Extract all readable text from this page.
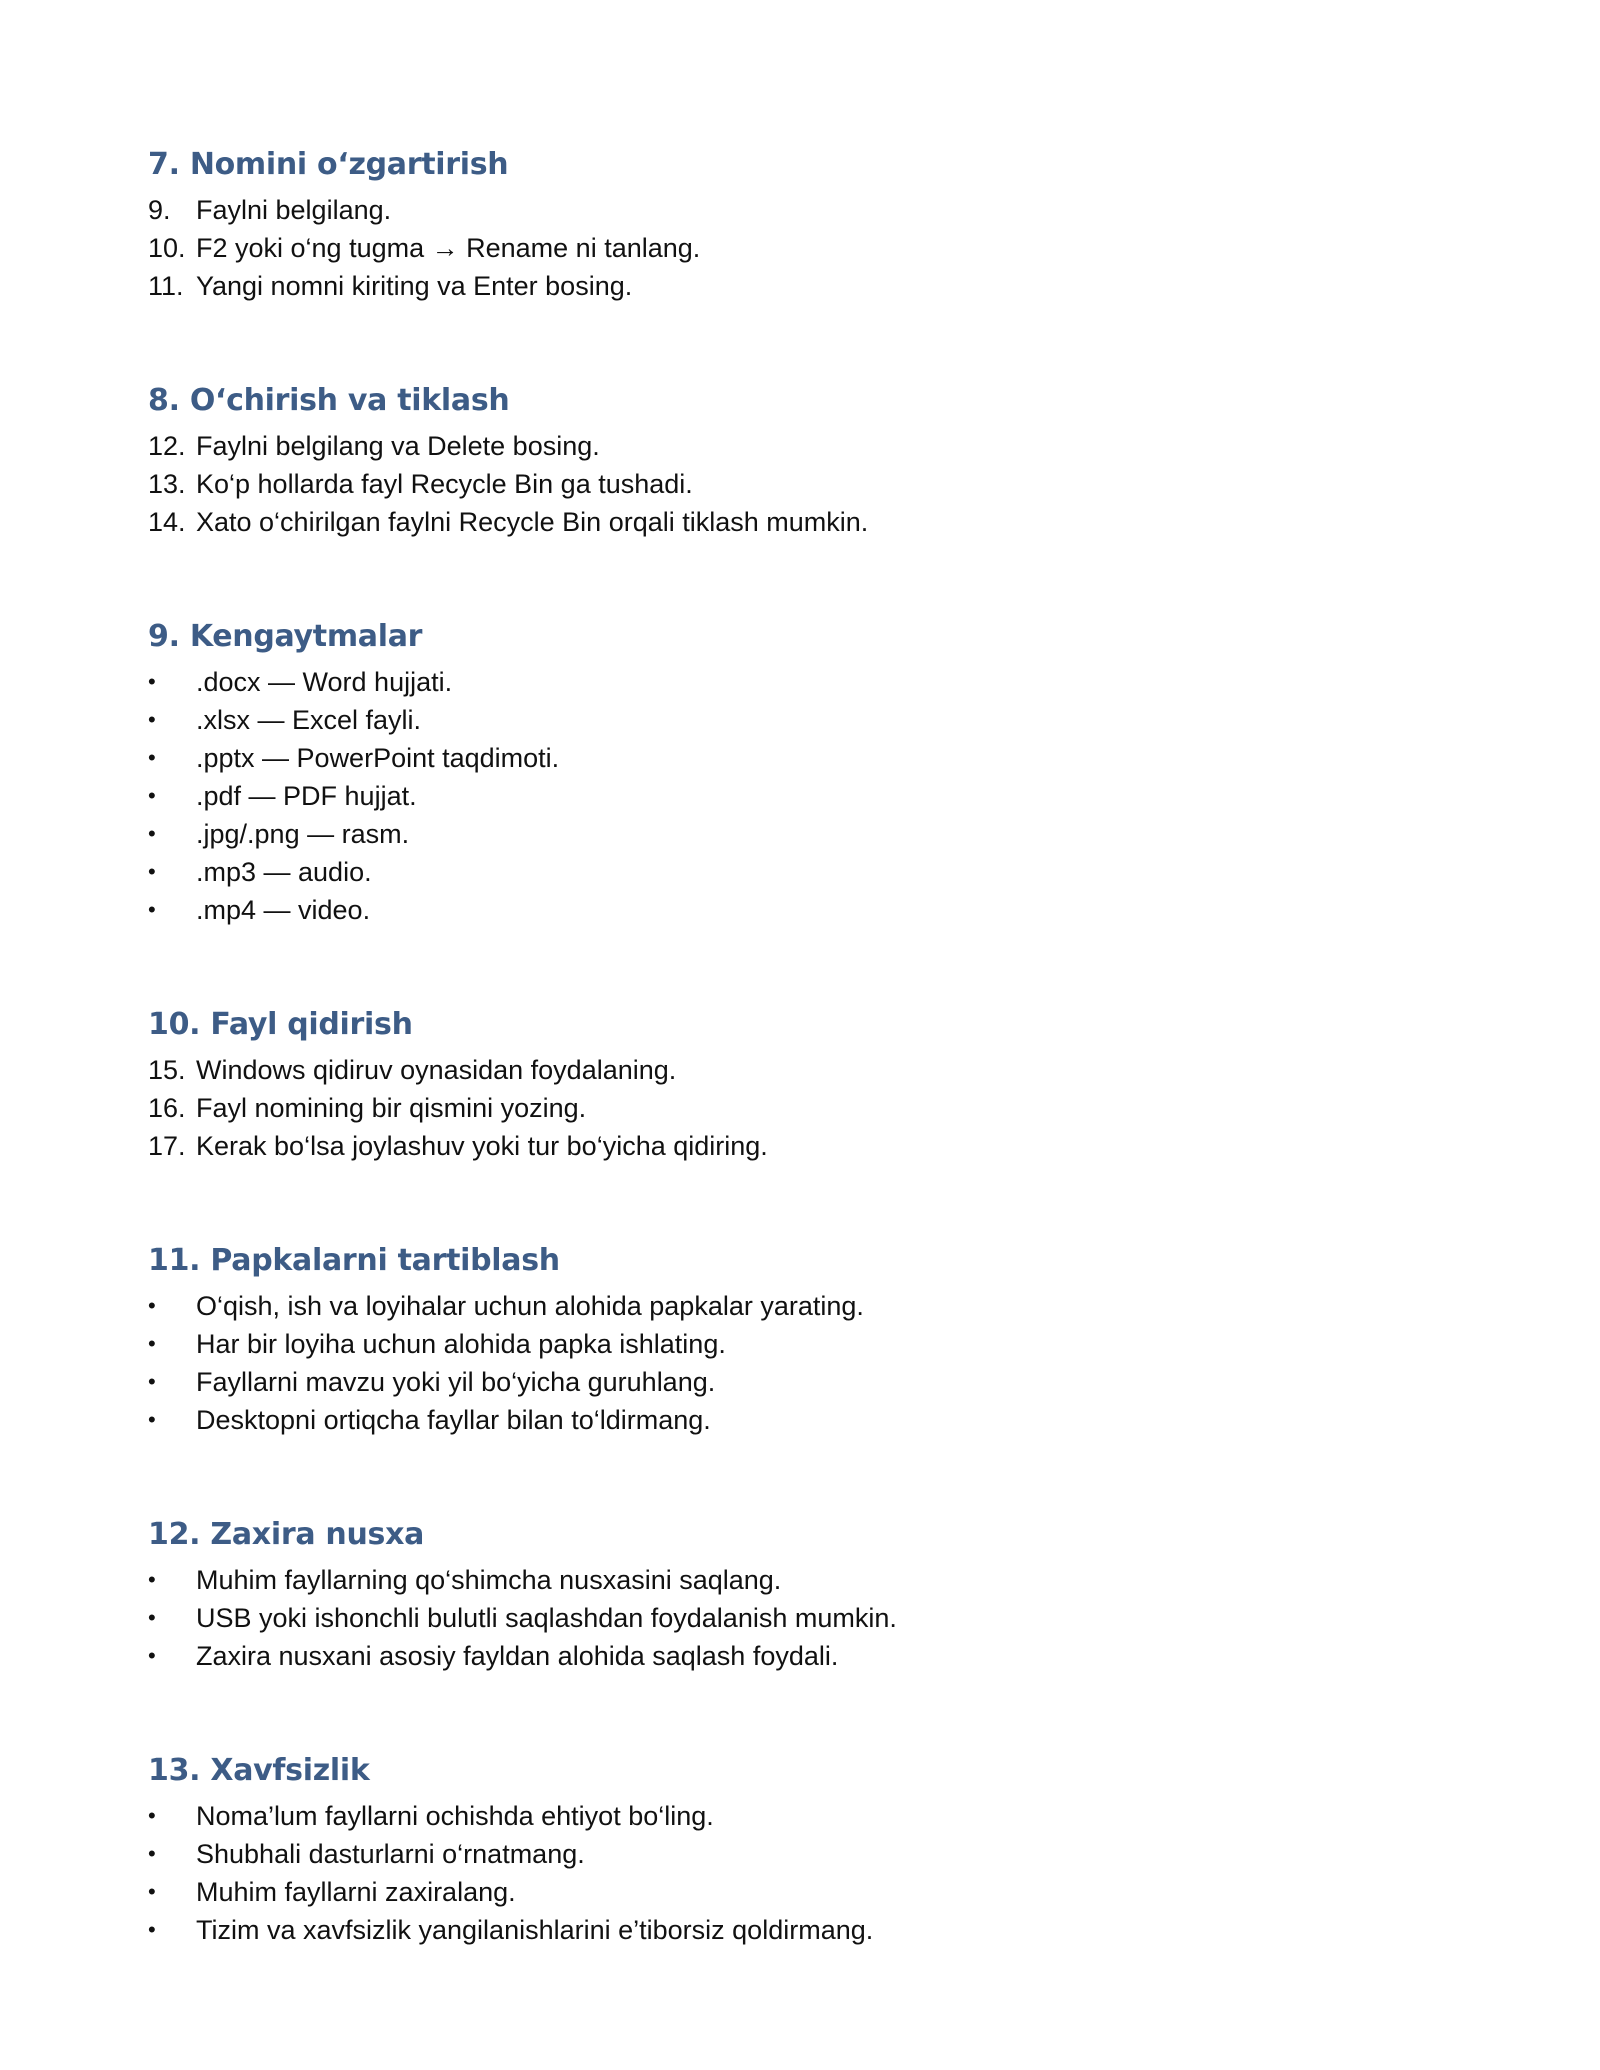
7. Nomini o‘zgartirish
9. Faylni belgilang.
10. F2 yoki o‘ng tugma → Rename ni tanlang.
11. Yangi nomni kiriting va Enter bosing.
8. O‘chirish va tiklash
12. Faylni belgilang va Delete bosing.
13. Ko‘p hollarda fayl Recycle Bin ga tushadi.
14. Xato o‘chirilgan faylni Recycle Bin orqali tiklash mumkin.
9. Kengaytmalar
• .docx — Word hujjati.
• .xlsx — Excel fayli.
• .pptx — PowerPoint taqdimoti.
• .pdf — PDF hujjat.
• .jpg/.png — rasm.
• .mp3 — audio.
• .mp4 — video.
10. Fayl qidirish
15. Windows qidiruv oynasidan foydalaning.
16. Fayl nomining bir qismini yozing.
17. Kerak bo‘lsa joylashuv yoki tur bo‘yicha qidiring.
11. Papkalarni tartiblash
• O‘qish, ish va loyihalar uchun alohida papkalar yarating.
• Har bir loyiha uchun alohida papka ishlating.
• Fayllarni mavzu yoki yil bo‘yicha guruhlang.
• Desktopni ortiqcha fayllar bilan to‘ldirmang.
12. Zaxira nusxa
• Muhim fayllarning qo‘shimcha nusxasini saqlang.
• USB yoki ishonchli bulutli saqlashdan foydalanish mumkin.
• Zaxira nusxani asosiy fayldan alohida saqlash foydali.
13. Xavfsizlik
• Noma’lum fayllarni ochishda ehtiyot bo‘ling.
• Shubhali dasturlarni o‘rnatmang.
• Muhim fayllarni zaxiralang.
• Tizim va xavfsizlik yangilanishlarini e’tiborsiz qoldirmang.
